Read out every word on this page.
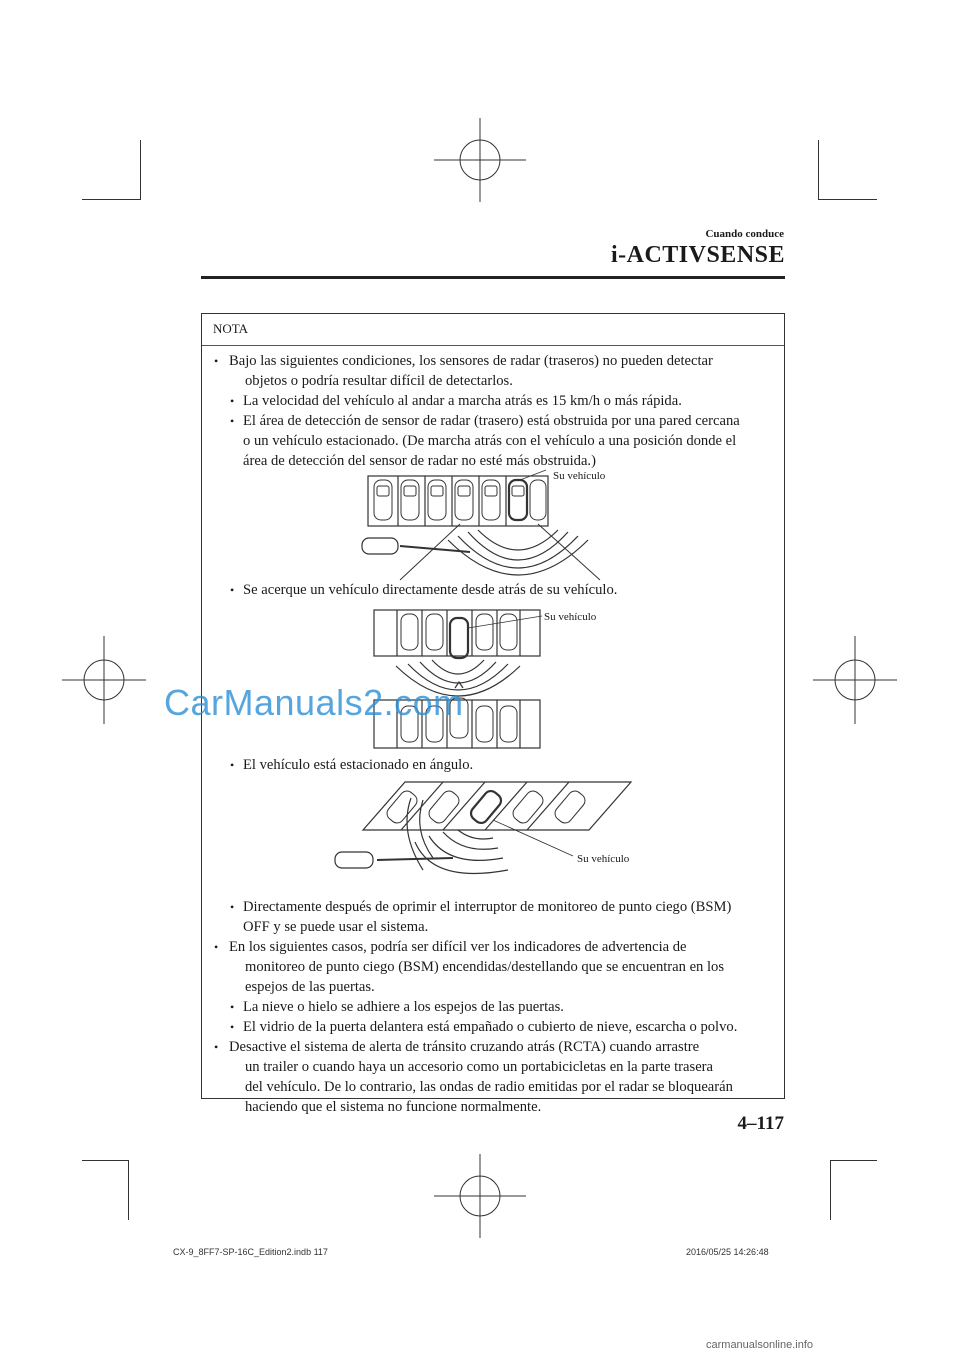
Cuando conduce
i-ACTIVSENSE
NOTA
• Bajo las siguientes condiciones, los sensores de radar (traseros) no pueden detectar
objetos o podría resultar difícil de detectarlos.
• La velocidad del vehículo al andar a marcha atrás es 15 km/h o más rápida.
• El área de detección de sensor de radar (trasero) está obstruida por una pared cercana
o un vehículo estacionado. (De marcha atrás con el vehículo a una posición donde el
área de detección del sensor de radar no esté más obstruida.)
Su vehículo
• Se acerque un vehículo directamente desde atrás de su vehículo.
Su vehículo
• El vehículo está estacionado en ángulo.
Su vehículo
• Directamente después de oprimir el interruptor de monitoreo de punto ciego (BSM)
OFF y se puede usar el sistema.
• En los siguientes casos, podría ser difícil ver los indicadores de advertencia de
monitoreo de punto ciego (BSM) encendidas/destellando que se encuentran en los
espejos de las puertas.
• La nieve o hielo se adhiere a los espejos de las puertas.
• El vidrio de la puerta delantera está empañado o cubierto de nieve, escarcha o polvo.
• Desactive el sistema de alerta de tránsito cruzando atrás (RCTA) cuando arrastre
un trailer o cuando haya un accesorio como un portabicicletas en la parte trasera
del vehículo. De lo contrario, las ondas de radio emitidas por el radar se bloquearán
haciendo que el sistema no funcione normalmente.
4–117
CX-9_8FF7-SP-16C_Edition2.indb 117	2016/05/25 14:26:48
CarManuals2.com
carmanualsonline.info
